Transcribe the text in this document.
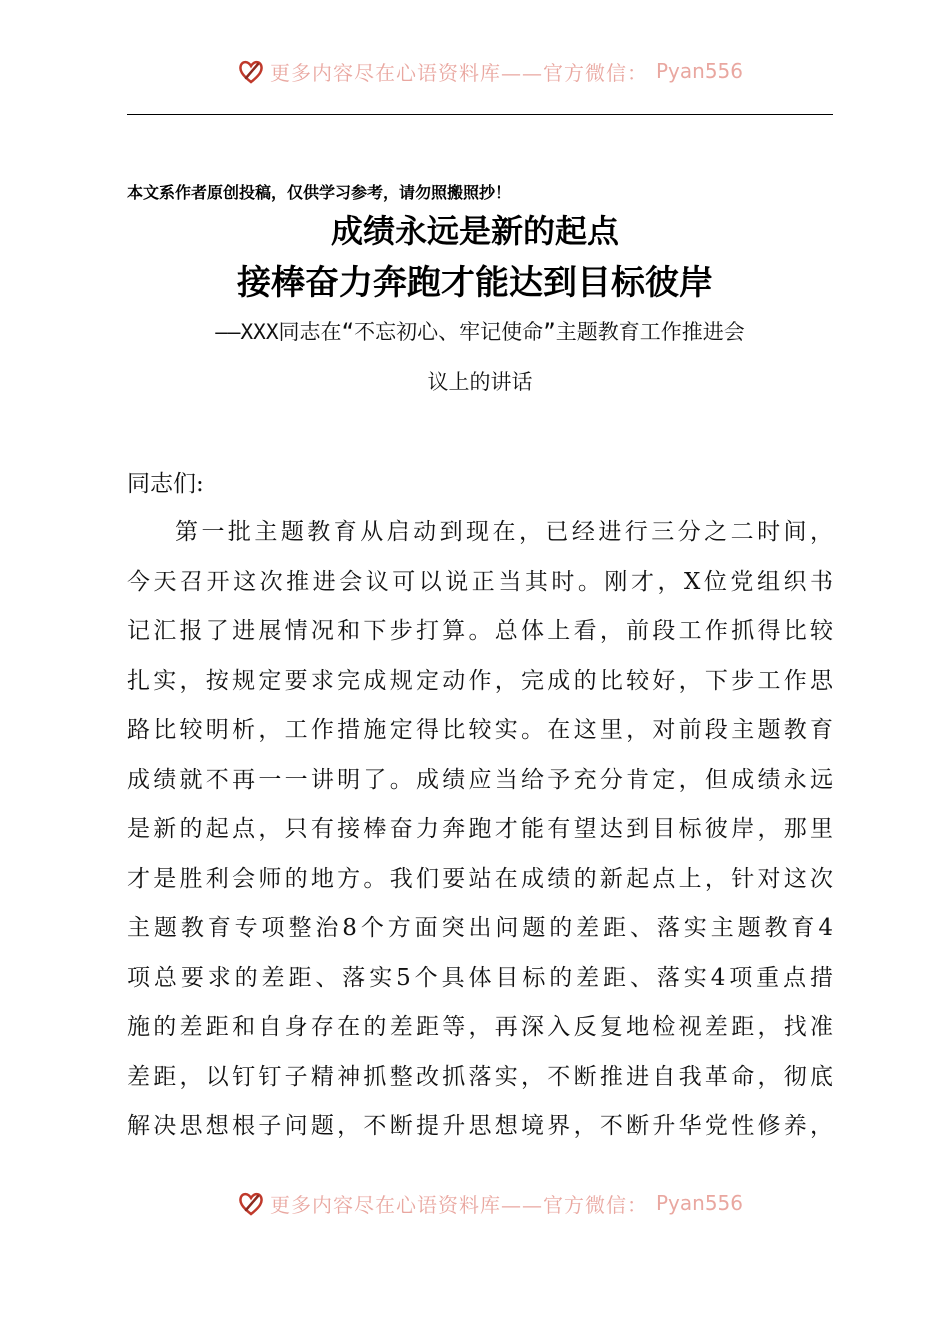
更多内容尽在心语资料库——官方微信： Pyan556
本文系作者原创投稿，仅供学习参考，请勿照搬照抄！
成绩永远是新的起点
接棒奋力奔跑才能达到目标彼岸
——XXX同志在“不忘初心、牢记使命”主题教育工作推进会
议上的讲话
同志们:
第一批主题教育从启动到现在，已经进行三分之二时间，
今天召开这次推进会议可以说正当其时。刚才，X位党组织书
记汇报了进展情况和下步打算。总体上看，前段工作抓得比较
扎实，按规定要求完成规定动作，完成的比较好，下步工作思
路比较明析，工作措施定得比较实。在这里，对前段主题教育
成绩就不再一一讲明了。成绩应当给予充分肯定，但成绩永远
是新的起点，只有接棒奋力奔跑才能有望达到目标彼岸，那里
才是胜利会师的地方。我们要站在成绩的新起点上，针对这次
主题教育专项整治8个方面突出问题的差距、落实主题教育4
项总要求的差距、落实5个具体目标的差距、落实4项重点措
施的差距和自身存在的差距等，再深入反复地检视差距，找准
差距，以钉钉子精神抓整改抓落实，不断推进自我革命，彻底
解决思想根子问题，不断提升思想境界，不断升华党性修养，
更多内容尽在心语资料库——官方微信： Pyan556
